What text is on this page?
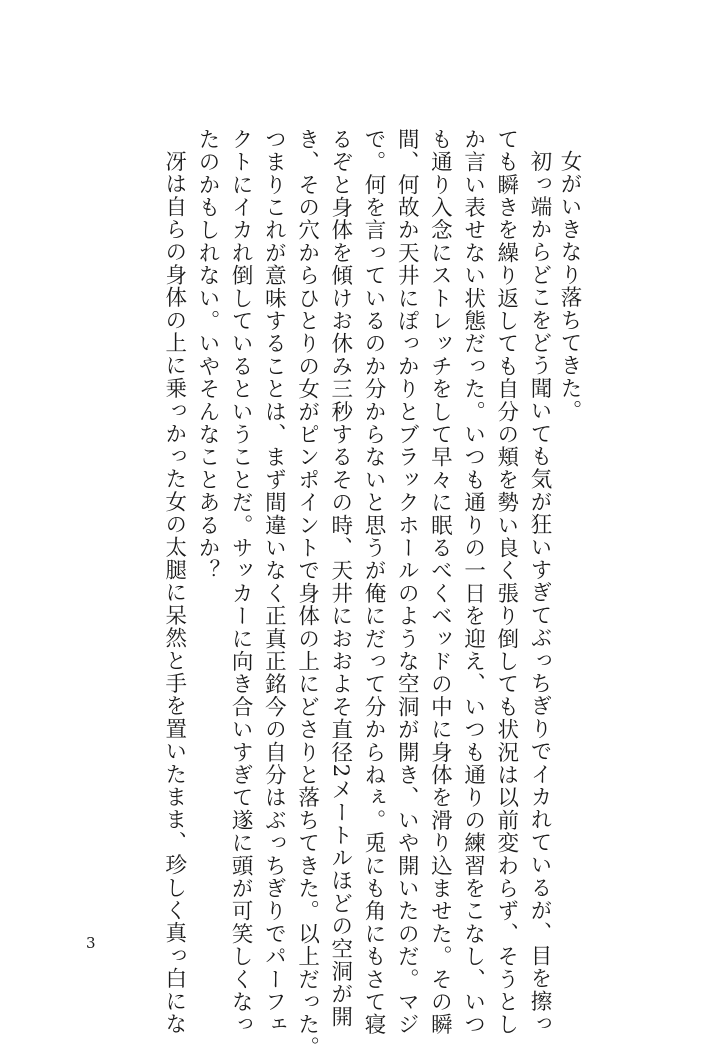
女がいきなり落ちてきた。
初っ端からどこをどう聞いても気が狂いすぎてぶっちぎりでイカれているが、目を擦っ
ても瞬きを繰り返しても自分の頬を勢い良く張り倒しても状況は以前変わらず、そうとし
か言い表せない状態だった。いつも通りの一日を迎え、いつも通りの練習をこなし、いつ
も通り入念にストレッチをして早々に眠るべくベッドの中に身体を滑り込ませた。その瞬
間、何故か天井にぽっかりとブラックホールのような空洞が開き、いや開いたのだ。マジ
で。何を言っているのか分からないと思うが俺にだって分からねぇ。兎にも角にもさて寝
るぞと身体を傾けお休み三秒するその時、天井におおよそ直径2メートルほどの空洞が開
き、その穴からひとりの女がピンポイントで身体の上にどさりと落ちてきた。以上だった。
つまりこれが意味することは、まず間違いなく正真正銘今の自分はぶっちぎりでパーフェ
クトにイカれ倒しているということだ。サッカーに向き合いすぎて遂に頭が可笑しくなっ
たのかもしれない。いやそんなことあるか？
冴は自らの身体の上に乗っかった女の太腿に呆然と手を置いたまま、珍しく真っ白にな
3
